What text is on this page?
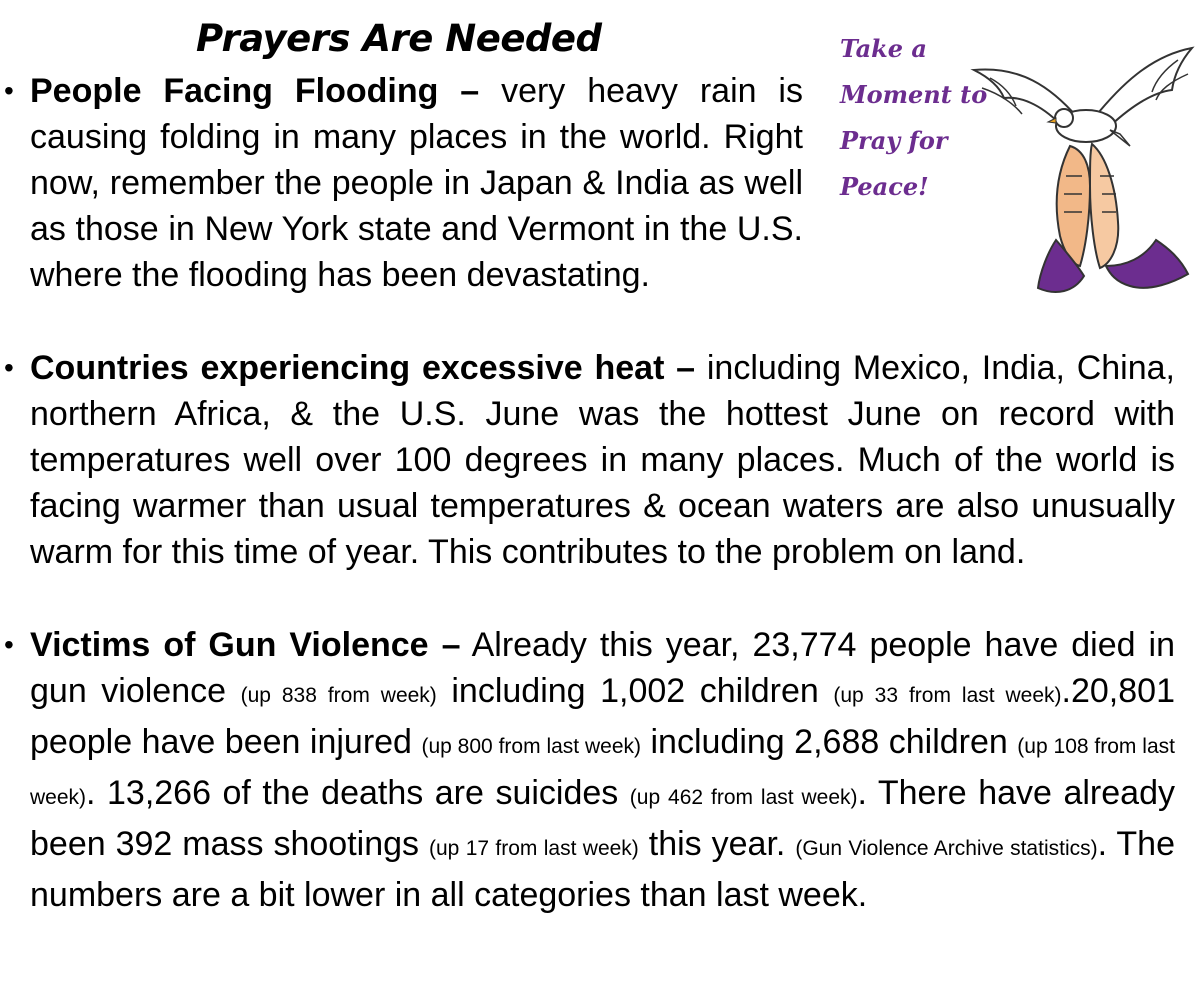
Prayers Are Needed
• People Facing Flooding – very heavy rain is causing folding in many places in the world. Right now, remember the people in Japan & India as well as those in New York state and Vermont in the U.S. where the flooding has been devastating.
Take a
Moment to
Pray for
Peace!
• Countries experiencing excessive heat – including Mexico, India, China, northern Africa, & the U.S. June was the hottest June on record with temperatures well over 100 degrees in many places. Much of the world is facing warmer than usual temperatures & ocean waters are also unusually warm for this time of year. This contributes to the problem on land.
• Victims of Gun Violence – Already this year, 23,774 people have died in gun violence (up 838 from week) including 1,002 children (up 33 from last week).20,801 people have been injured (up 800 from last week) including 2,688 children (up 108 from last week). 13,266 of the deaths are suicides (up 462 from last week). There have already been 392 mass shootings (up 17 from last week) this year. (Gun Violence Archive statistics). The numbers are a bit lower in all categories than last week.
